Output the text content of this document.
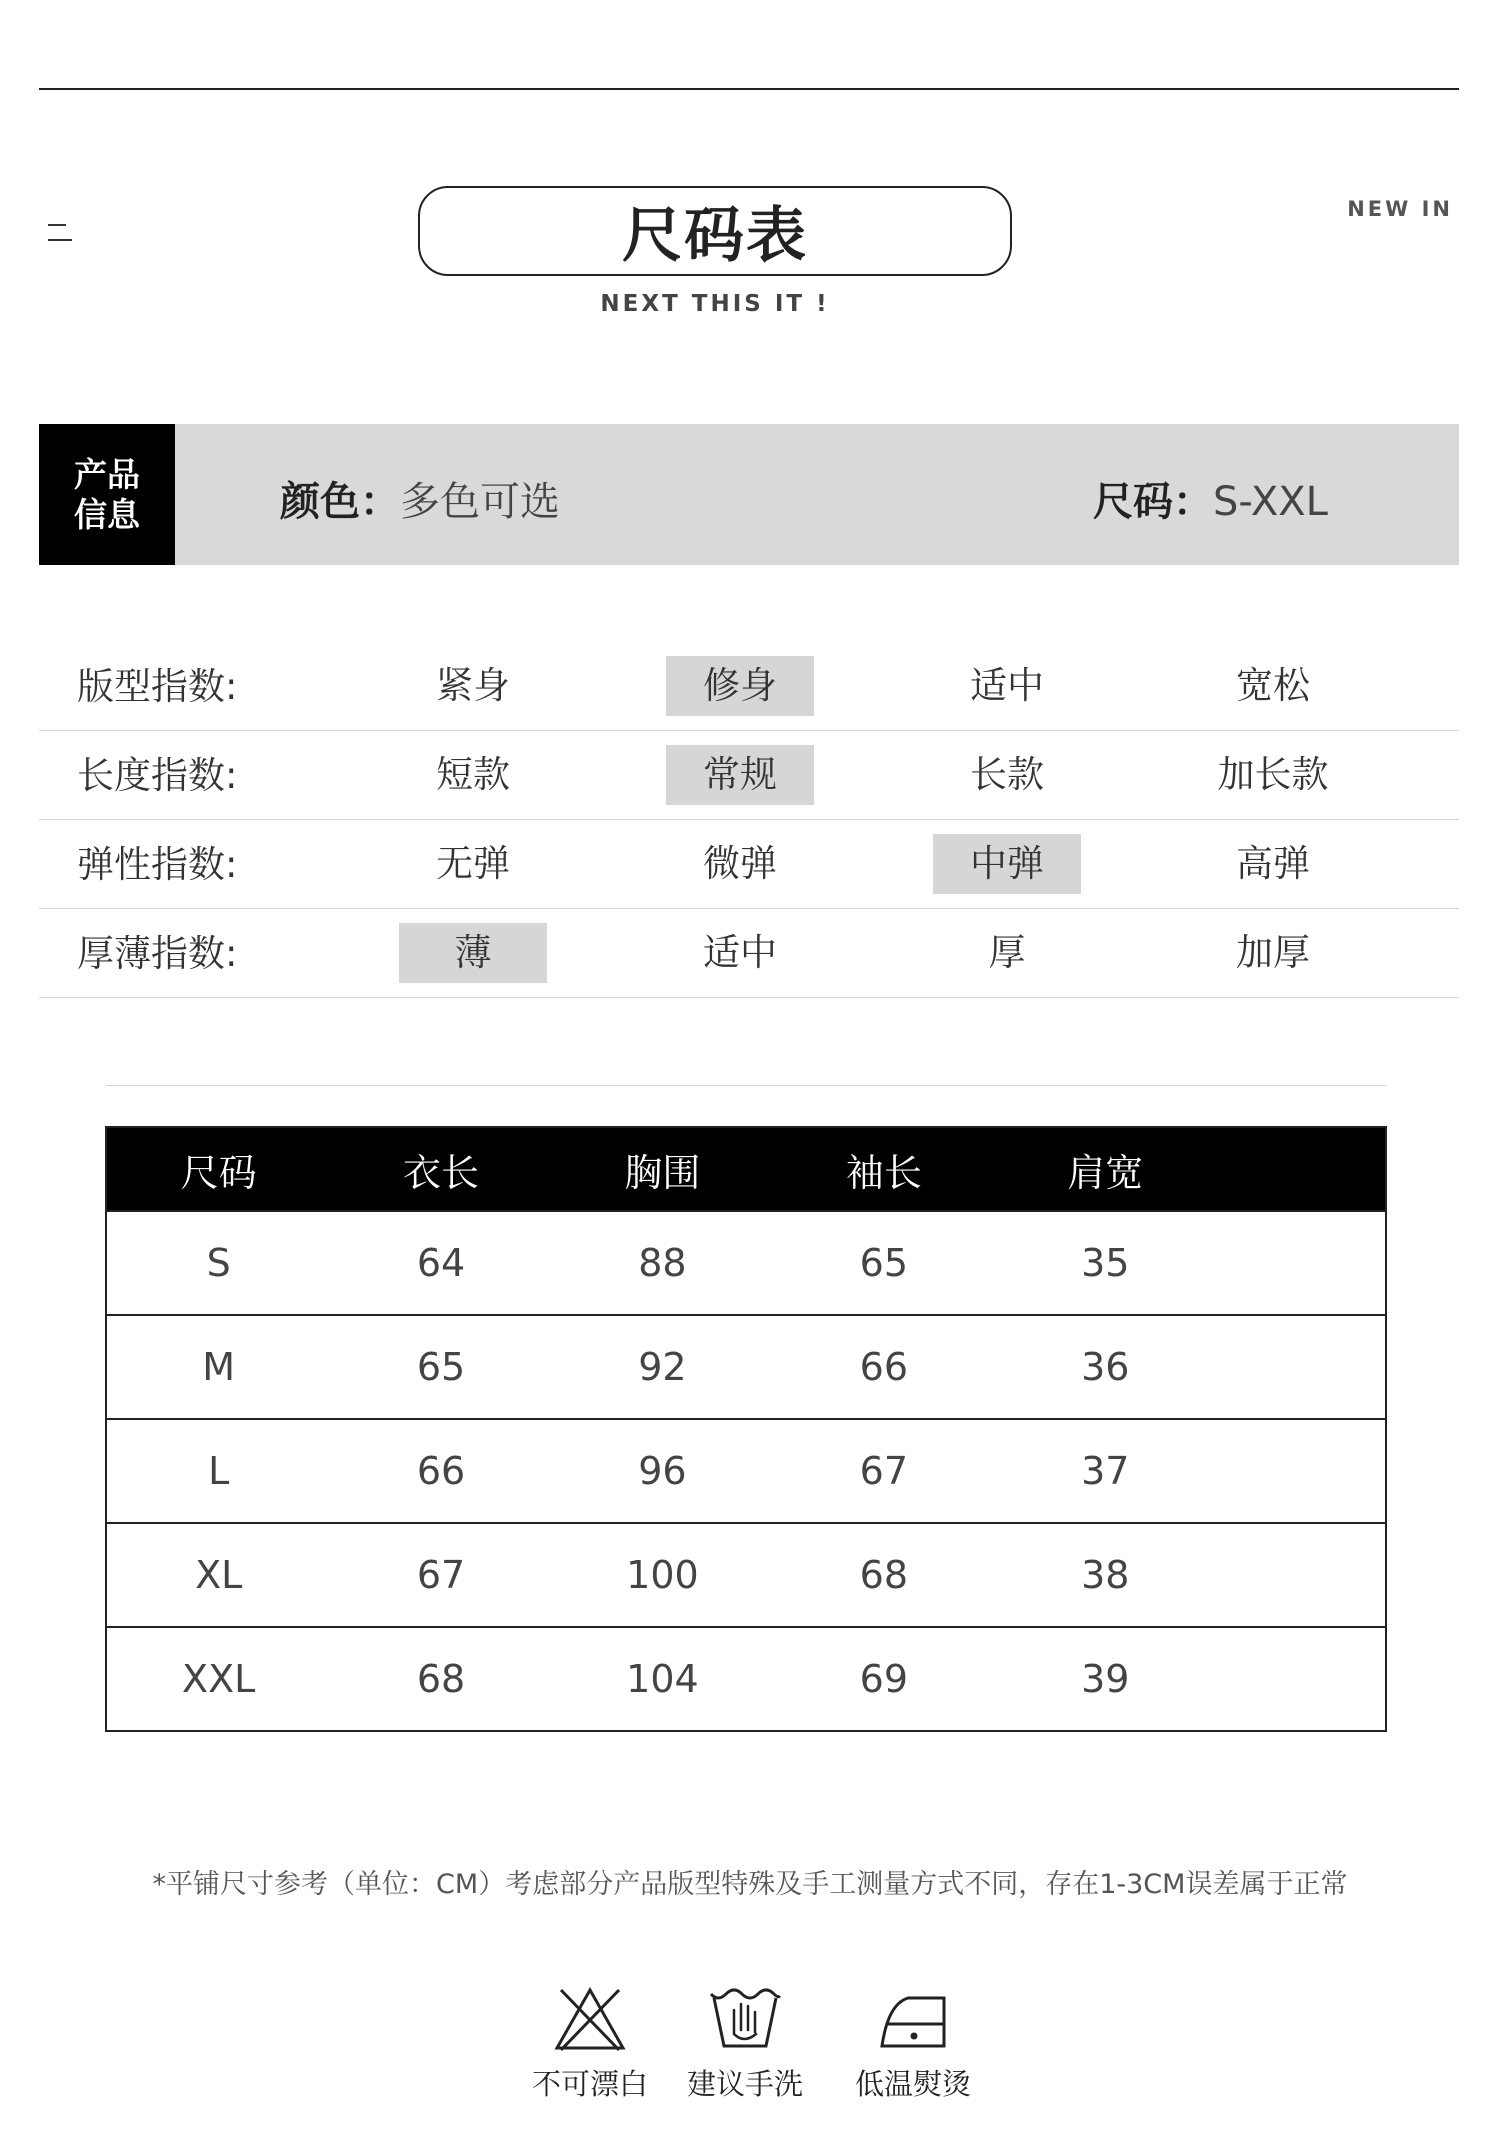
尺码表
NEXT THIS IT !
NEW IN
产品
信息	颜色：多色可选	尺码：S-XXL
版型指数:	紧身	修身	适中	宽松
长度指数:	短款	常规	长款	加长款
弹性指数:	无弹	微弹	中弹	高弹
厚薄指数:	薄	适中	厚	加厚
尺码	衣长	胸围	袖长	肩宽	
S	64	88	65	35	
M	65	92	66	36	
L	66	96	67	37	
XL	67	100	68	38	
XXL	68	104	69	39	
*平铺尺寸参考（单位：CM）考虑部分产品版型特殊及手工测量方式不同，存在1-3CM误差属于正常
不可漂白	建议手洗	低温熨烫
